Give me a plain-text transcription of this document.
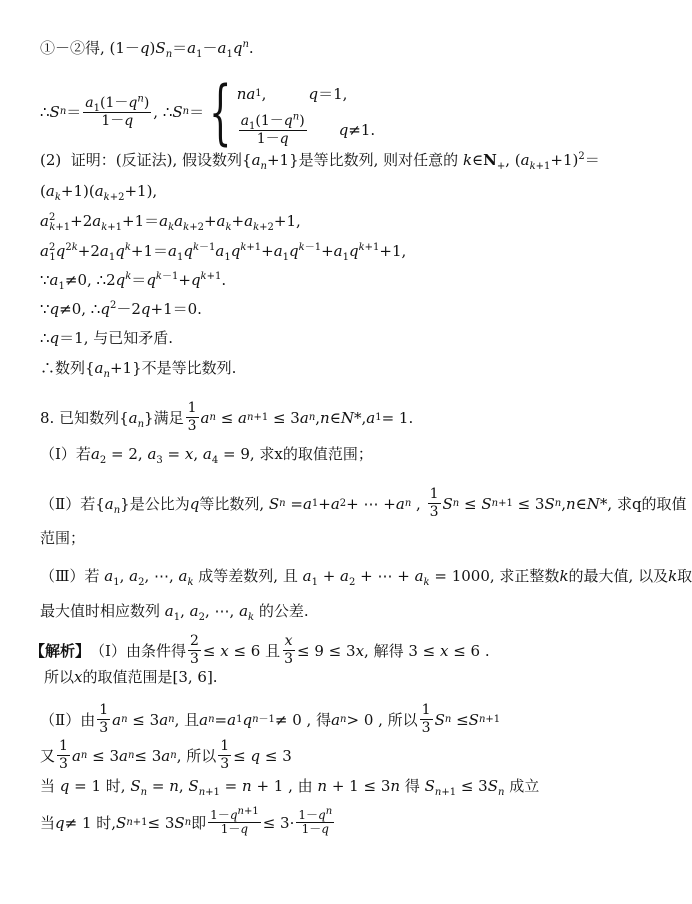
①－②得, $(1-q)S_n=a_1-a_1q^n$.
∴ S $n = \frac{a_1(1-q^n)}{1-q}$ , ∴ S n ＝ { na 1 ,	q＝1,
$\frac{a_1(1-q^n)}{1-q} q\ne 1$.
(2)  证明：(反证法), 假设数列$\{a_n+1\}$是等比数列, 则对任意的 $k\in N_+$, $(a_{k+1}+1)^2=$
$(a_k+1)(a_{k+2}+1)$,
$a^2_{k+1}+2a_{k+1}+1=a_ka_{k+2}+a_k+a_{k+2}+1$,
$a^2_1q^{2k}+2a_1q^k+1=a_1q^{k-1}a_1q^{k+1}+a_1q^{k-1}+a_1q^{k+1}+1$,
$\because a_1\ne 0$, $\therefore 2q^k=q^{k-1}+q^{k+1}$.
∵q≠0, $\therefore q^2-2q+1=0$.
∴q＝1, 与已知矛盾.
∴数列$\{a_n+1\}$不是等比数列.
8. 已知数列 $\{a_n\}$ 满足 $\frac{1}{3}$ a n ≤ a n+1 ≤ 3 a n , n ∈ N *, a 1 = 1.
（Ⅰ）若$a_2 = 2$, $a_3 = x$, $a_4 = 9$, 求x的取值范围；
（Ⅱ）若$\{a_n\}$是公比为q等比数列, S n = a 1 + a 2 + ⋯ + a n , $\frac{1}{3}$ S n ≤ S n+1 ≤ 3 S n , n ∈ N * , 求q的取值
范围；
（Ⅲ）若 $a_1$, $a_2$, ⋯, $a_k$ 成等差数列, 且 $a_1 + a_2$ + ⋯ + $a_k = 1000$, 求正整数k的最大值, 以及k取
最大值时相应数列 $a_1$, $a_2$, ⋯, $a_k$ 的公差.
【解析】 （Ⅰ）由条件得 $\frac{2}{3} \le x \le 6$ 且 $\frac{x}{3} \le 9 \le 3x$, 解得 3 ≤ x ≤ 6 .
所以x的取值范围是[3, 6].
（Ⅱ）由 $\frac{1}{3}$ a n ≤ 3 a n , 且 a n = a 1 q n－1 ≠ 0 , 得 a n > 0 , 所以 $\frac{1}{3}$ S n ≤ S n+1
又 $\frac{1}{3}$ a n ≤ 3 a n ≤ 3 a n , 所以 $\frac{1}{3} \le q \le 3$
当 q = 1 时, $S_n = n$, $S_{n+1} = n + 1$ , 由 n + 1 ≤ 3n 得 $S_{n+1} \le 3S_n$ 成立
当 q ≠ 1 时, S n+1 ≤ 3 S n 即 $\frac{1-q^{n+1}}{1-q} \le 3\cdot \frac{1-q^n}{1-q}$
